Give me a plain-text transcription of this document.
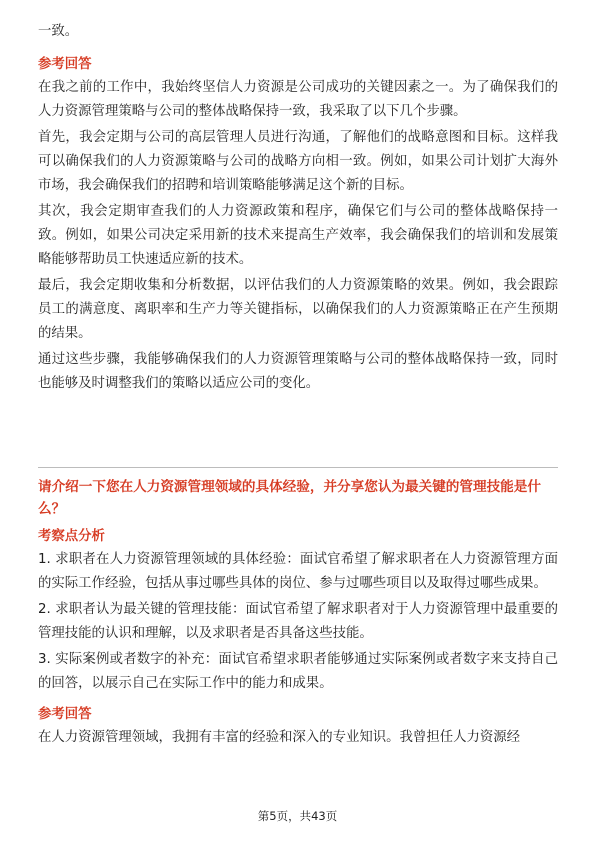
一致。

参考回答

在我之前的工作中，我始终坚信人力资源是公司成功的关键因素之一。为了确保我们的人力资源管理策略与公司的整体战略保持一致，我采取了以下几个步骤。

首先，我会定期与公司的高层管理人员进行沟通，了解他们的战略意图和目标。这样我可以确保我们的人力资源策略与公司的战略方向相一致。例如，如果公司计划扩大海外市场，我会确保我们的招聘和培训策略能够满足这个新的目标。

其次，我会定期审查我们的人力资源政策和程序，确保它们与公司的整体战略保持一致。例如，如果公司决定采用新的技术来提高生产效率，我会确保我们的培训和发展策略能够帮助员工快速适应新的技术。

最后，我会定期收集和分析数据，以评估我们的人力资源策略的效果。例如，我会跟踪员工的满意度、离职率和生产力等关键指标，以确保我们的人力资源策略正在产生预期的结果。

通过这些步骤，我能够确保我们的人力资源管理策略与公司的整体战略保持一致，同时也能够及时调整我们的策略以适应公司的变化。

请介绍一下您在人力资源管理领域的具体经验，并分享您认为最关键的管理技能是什么？

考察点分析

1. 求职者在人力资源管理领域的具体经验：面试官希望了解求职者在人力资源管理方面的实际工作经验，包括从事过哪些具体的岗位、参与过哪些项目以及取得过哪些成果。

2. 求职者认为最关键的管理技能：面试官希望了解求职者对于人力资源管理中最重要的管理技能的认识和理解，以及求职者是否具备这些技能。

3. 实际案例或者数字的补充：面试官希望求职者能够通过实际案例或者数字来支持自己的回答，以展示自己在实际工作中的能力和成果。

参考回答

在人力资源管理领域，我拥有丰富的经验和深入的专业知识。我曾担任人力资源经

第5页，共43页
